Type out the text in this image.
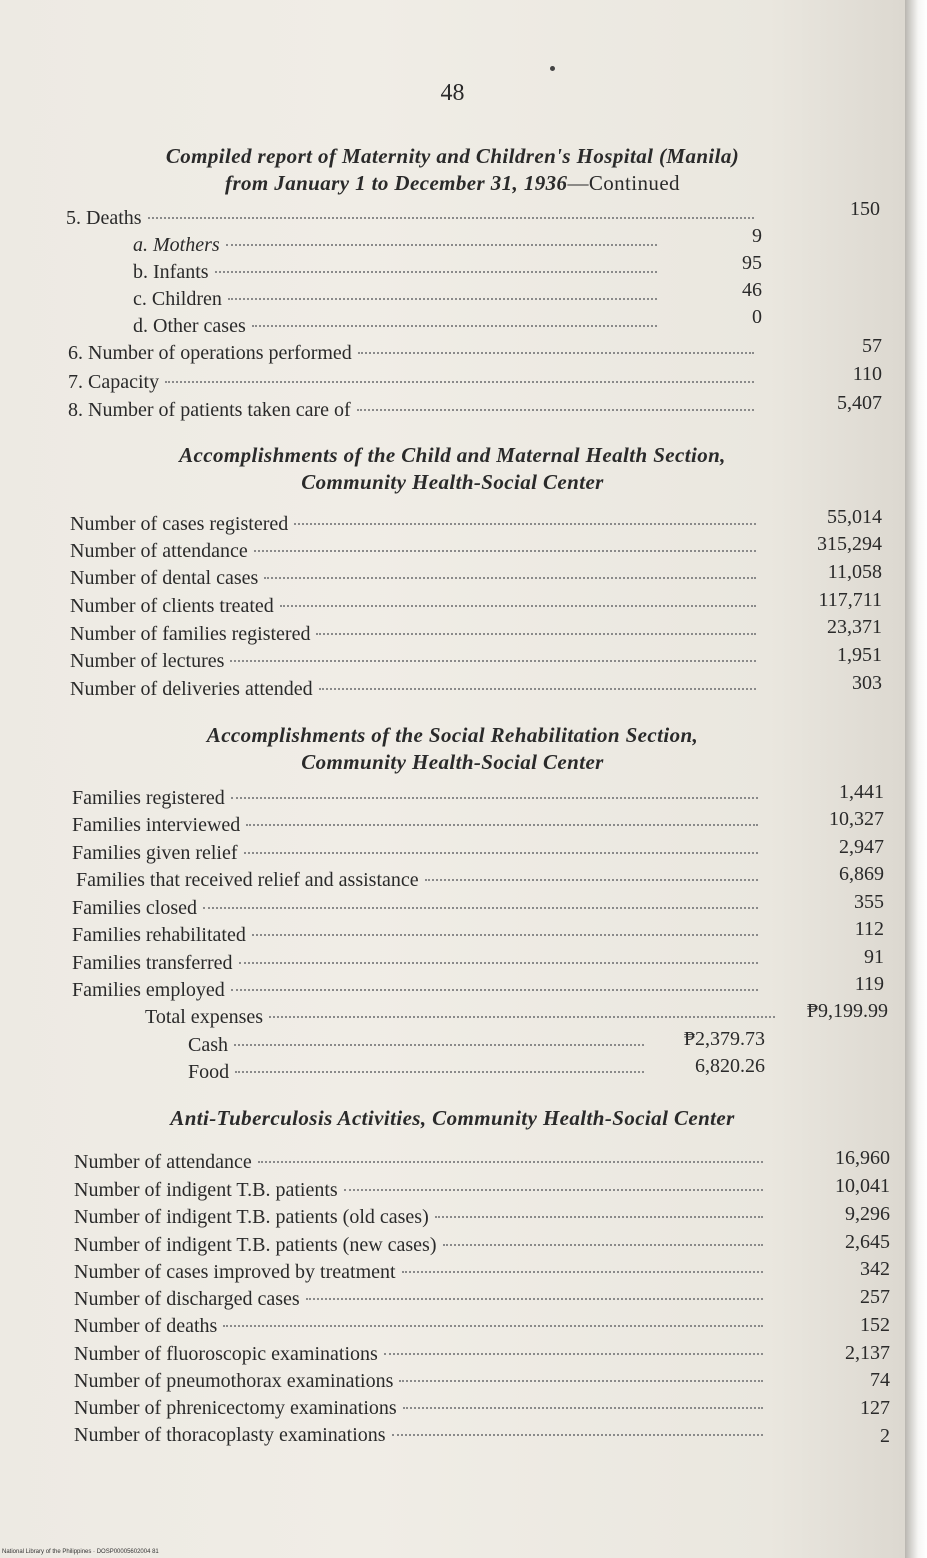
48
Compiled report of Maternity and Children's Hospital (Manila)
from January 1 to December 31, 1936—Continued
5. Deaths	150
a. Mothers	9
b. Infants	95
c. Children	46
d. Other cases	0
6. Number of operations performed	57
7. Capacity	110
8. Number of patients taken care of	5,407
Accomplishments of the Child and Maternal Health Section,
Community Health-Social Center
Number of cases registered	55,014
Number of attendance	315,294
Number of dental cases	11,058
Number of clients treated	117,711
Number of families registered	23,371
Number of lectures	1,951
Number of deliveries attended	303
Accomplishments of the Social Rehabilitation Section,
Community Health-Social Center
Families registered	1,441
Families interviewed	10,327
Families given relief	2,947
Families that received relief and assistance	6,869
Families closed	355
Families rehabilitated	112
Families transferred	91
Families employed	119
Total expenses	₱9,199.99
Cash	₱2,379.73
Food	6,820.26
Anti-Tuberculosis Activities, Community Health-Social Center
Number of attendance	16,960
Number of indigent T.B. patients	10,041
Number of indigent T.B. patients (old cases)	9,296
Number of indigent T.B. patients (new cases)	2,645
Number of cases improved by treatment	342
Number of discharged cases	257
Number of deaths	152
Number of fluoroscopic examinations	2,137
Number of pneumothorax examinations	74
Number of phrenicectomy examinations	127
Number of thoracoplasty examinations	2
National Library of the Philippines · DOSP00005602004 81
